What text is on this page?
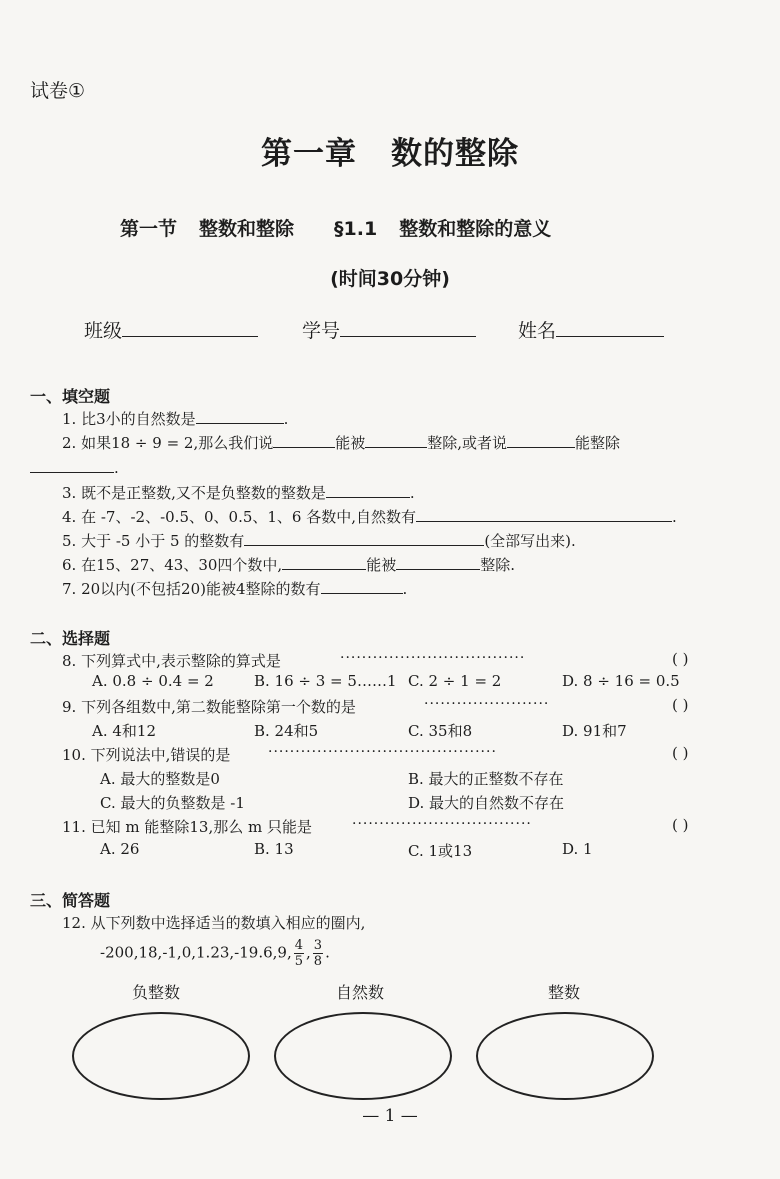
试卷①
第一章 数的整除
第一节 整数和整除 §1.1 整数和整除的意义
(时间30分钟)
班级	学号	姓名
一、填空题
1. 比3小的自然数是	.
2. 如果18 ÷ 9 = 2,那么我们说	能被	整除,或者说	能整除
.
3. 既不是正整数,又不是负整数的整数是	.
4. 在 -7、-2、-0.5、0、0.5、1、6 各数中,自然数有	.
5. 大于 -5 小于 5 的整数有	(全部写出来).
6. 在15、27、43、30四个数中,	能被	整除.
7. 20以内(不包括20)能被4整除的数有	.
二、选择题
8. 下列算式中,表示整除的算式是	··································	( )
A. 0.8 ÷ 0.4 = 2	B. 16 ÷ 3 = 5……1 C. 2 ÷ 1 = 2	D. 8 ÷ 16 = 0.5
9. 下列各组数中,第二数能整除第一个数的是	·······················	( )
A. 4和12	B. 24和5	C. 35和8	D. 91和7
10. 下列说法中,错误的是	··········································	( )
A. 最大的整数是0	B. 最大的正整数不存在
C. 最大的负整数是 -1	D. 最大的自然数不存在
11. 已知 m 能整除13,那么 m 只能是	·································	( )
A. 26	B. 13	C. 1或13	D. 1
三、简答题
12. 从下列数中选择适当的数填入相应的圈内,
-200,18,-1,0,1.23,-19.6,9, $\frac{4}{5}$ , $\frac{3}{8}$ .
负整数	自然数	整数
— 1 —
